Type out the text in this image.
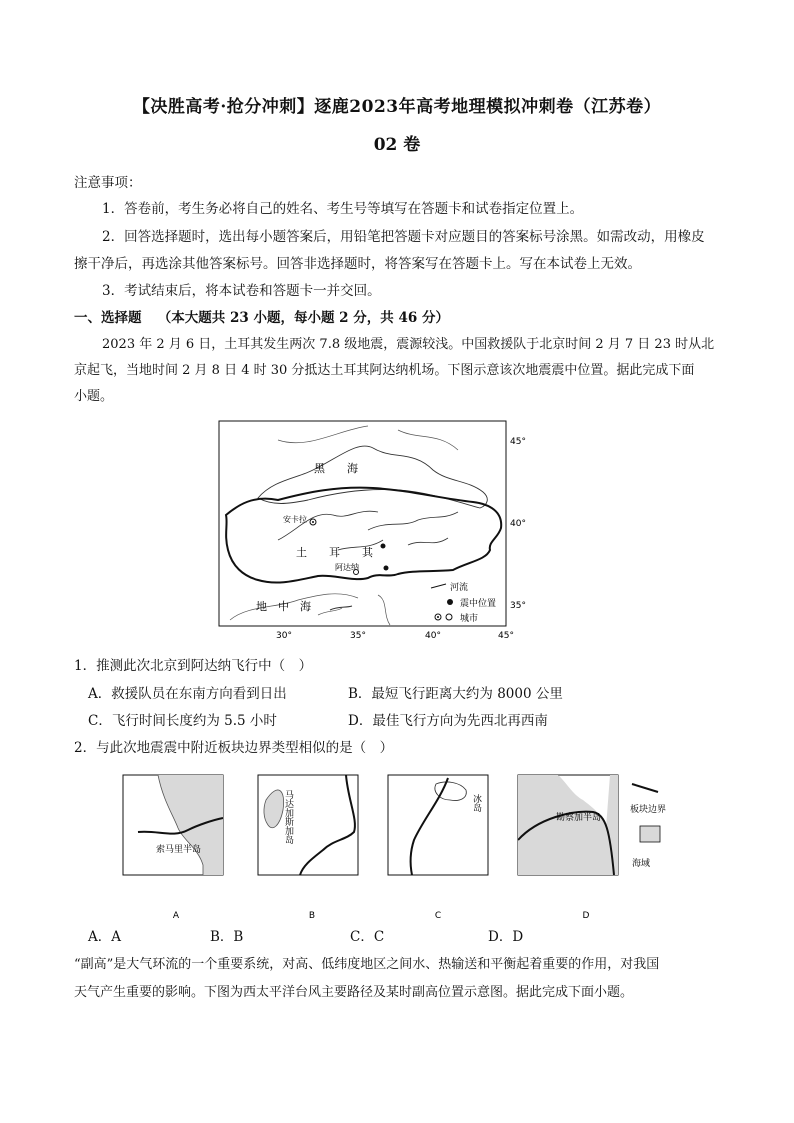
【决胜高考·抢分冲刺】逐鹿2023年高考地理模拟冲刺卷（江苏卷）
02 卷
注意事项：
1．答卷前，考生务必将自己的姓名、考生号等填写在答题卡和试卷指定位置上。
2．回答选择题时，选出每小题答案后，用铅笔把答题卡对应题目的答案标号涂黑。如需改动，用橡皮
擦干净后，再选涂其他答案标号。回答非选择题时，将答案写在答题卡上。写在本试卷上无效。
3．考试结束后，将本试卷和答题卡一并交回。
一、选择题 （本大题共 23 小题，每小题 2 分，共 46 分）
2023 年 2 月 6 日，土耳其发生两次 7.8 级地震，震源较浅。中国救援队于北京时间 2 月 7 日 23 时从北
京起飞，当地时间 2 月 8 日 4 时 30 分抵达土耳其阿达纳机场。下图示意该次地震震中位置。据此完成下面
小题。
黑　　海
安卡拉
土　　耳　　其
阿达纳
地　中　海
45°
40°
35°
30°	35°	40°	45°
河流
震中位置
城市
1．推测此次北京到阿达纳飞行中（　）
A．救援队员在东南方向看到日出	B．最短飞行距离大约为 8000 公里
C．飞行时间长度约为 5.5 小时	D．最佳飞行方向为先西北再西南
2．与此次地震震中附近板块边界类型相似的是（　）
索马里半岛
马达加斯加岛	冰岛
勘察加半岛
板块边界
海域
A	B	C	D
A．A	B．B	C．C	D．D
“副高”是大气环流的一个重要系统，对高、低纬度地区之间水、热输送和平衡起着重要的作用，对我国
天气产生重要的影响。下图为西太平洋台风主要路径及某时副高位置示意图。据此完成下面小题。
